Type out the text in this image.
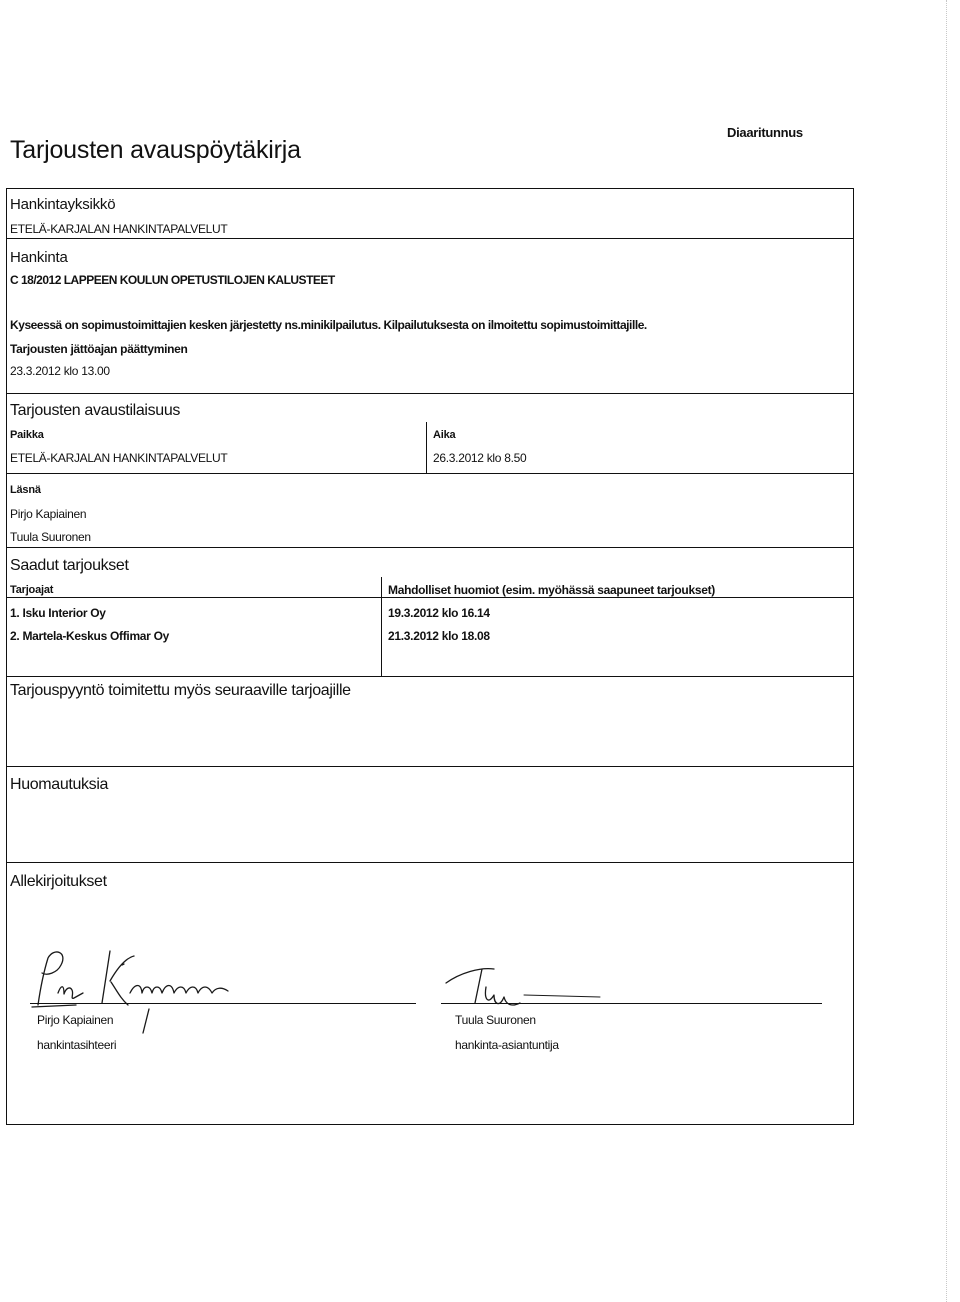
Tarjousten avauspöytäkirja
Diaaritunnus
Hankintayksikkö
ETELÄ-KARJALAN HANKINTAPALVELUT
Hankinta
C 18/2012 LAPPEEN KOULUN OPETUSTILOJEN KALUSTEET
Kyseessä on sopimustoimittajien kesken järjestetty ns.minikilpailutus. Kilpailutuksesta on ilmoitettu sopimustoimittajille.
Tarjousten jättöajan päättyminen
23.3.2012 klo 13.00
Tarjousten avaustilaisuus
Paikka
ETELÄ-KARJALAN HANKINTAPALVELUT
Aika
26.3.2012 klo 8.50
Läsnä
Pirjo Kapiainen
Tuula Suuronen
Saadut tarjoukset
Tarjoajat	Mahdolliset huomiot (esim. myöhässä saapuneet tarjoukset)
1. Isku Interior Oy	19.3.2012 klo 16.14
2. Martela-Keskus Offimar Oy	21.3.2012 klo 18.08
Tarjouspyyntö toimitettu myös seuraaville tarjoajille
Huomautuksia
Allekirjoitukset
Pirjo Kapiainen
hankintasihteeri
Tuula Suuronen
hankinta-asiantuntija
